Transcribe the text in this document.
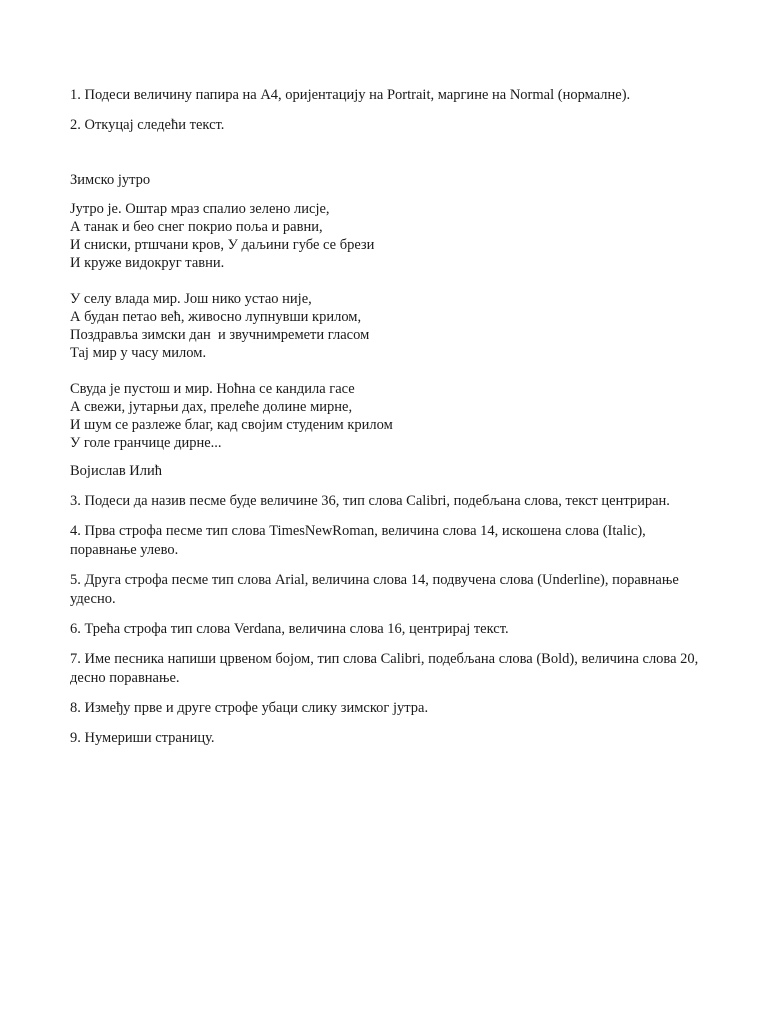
1. Подеси величину папира на А4, оријентацију на Portrait, маргине на Normal (нормалне).

2. Откуцај следећи текст.

Зимско јутро

Јутро је. Оштар мраз спалио зелено лисје,
А танак и бео снег покрио поља и равни,
И сниски, ртшчани кров, У даљини губе се брези
И круже видокруг тавни.
У селу влада мир. Још нико устао није,
А будан петао већ, живосно лупнувши крилом,
Поздравља зимски дан  и звучнимремети гласом
Тај мир у часу милом.
Свуда је пустош и мир. Ноћна се кандила гасе
А свежи, јутарњи дах, прелеће долине мирне,
И шум се разлеже благ, кад својим студеним крилом
У голе гранчице дирне...

Војислав Илић

3. Подеси да назив песме буде величине 36, тип слова Calibri, подебљана слова, текст центриран.

4. Прва строфа песме тип слова TimesNewRoman, величина слова 14, искошена слова (Italic), поравнање улево.

5. Друга строфа песме тип слова Arial, величина слова 14, подвучена слова (Underline), поравнање удесно.

6. Трећа строфа тип слова Verdana, величина слова 16, центрирај текст.

7. Име песника напиши црвеном бојом, тип слова Calibri, подебљана слова (Bold), величина слова 20, десно поравнање.

8. Између прве и друге строфе убаци слику зимског јутра.

9. Нумериши страницу.
